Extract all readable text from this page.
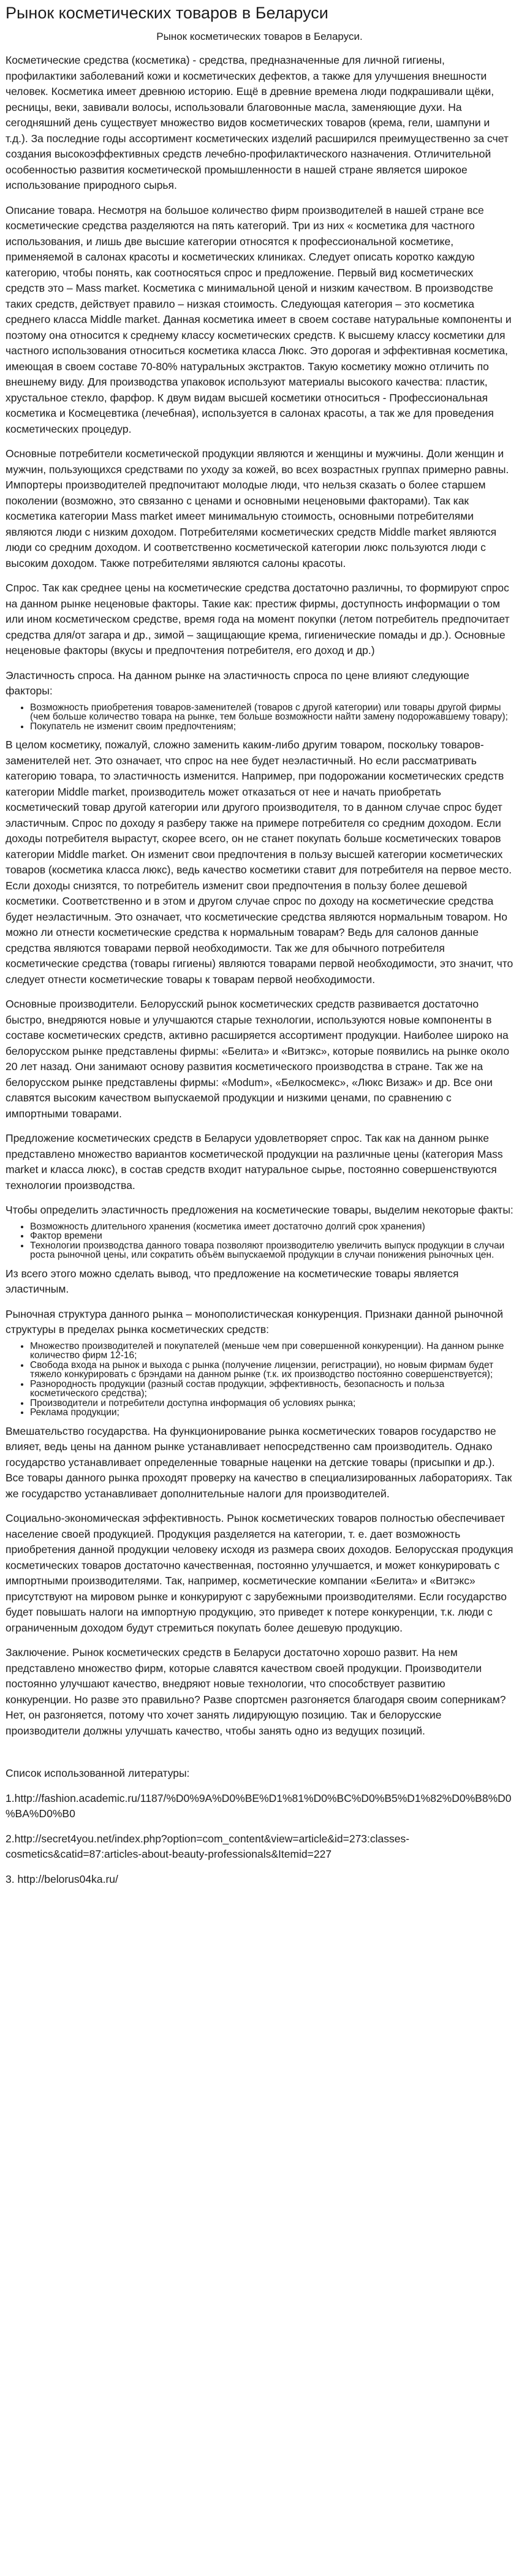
Рынок косметических товаров в Беларуси
Рынок косметических товаров в Беларуси.

Косметические средства (косметика) - средства, предназначенные для личной гигиены, профилактики заболеваний кожи и косметических дефектов, а также для улучшения внешности человек. Косметика имеет древнюю историю. Ещё в древние времена люди подкрашивали щёки, ресницы, веки, завивали волосы, использовали благовонные масла, заменяющие духи. На сегодняшний день существует множество видов косметических товаров (крема, гели, шампуни и т.д.). За последние годы ассортимент косметических изделий расширился преимущественно за счет создания высокоэффективных средств лечебно-профилактического назначения. Отличительной особенностью развития косметической промышленности в нашей стране является широкое использование природного сырья.

Описание товара. Несмотря на большое количество фирм производителей в нашей стране все косметические средства разделяются на пять категорий. Три из них « косметика для частного использования, и лишь две высшие категории относятся к профессиональной косметике, применяемой в салонах красоты и косметических клиниках. Следует описать коротко каждую категорию, чтобы понять, как соотносяться спрос и предложение. Первый вид косметических средств это – Mass market. Косметика с минимальной ценой и низким качеством. В производстве таких средств, действует правило – низкая стоимость. Следующая категория – это косметика среднего класса Middle market. Данная косметика имеет в своем составе натуральные компоненты и поэтому она относится к среднему классу косметических средств. К высшему классу косметики для частного использования относиться косметика класса Люкс. Это дорогая и эффективная косметика, имеющая в своем составе 70-80% натуральных экстрактов. Такую косметику можно отличить по внешнему виду. Для производства упаковок используют материалы высокого качества: пластик, хрустальное стекло, фарфор. К двум видам высшей косметики относиться - Профессиональная косметика и Космецевтика (лечебная), используется в салонах красоты, а так же для проведения косметических процедур.

Основные потребители косметической продукции являются и женщины и мужчины. Доли женщин и мужчин, пользующихся средствами по уходу за кожей, во всех возрастных группах примерно равны. Импортеры производителей предпочитают молодые люди, что нельзя сказать о более старшем поколении (возможно, это связанно с ценами и основными неценовыми факторами). Так как косметика категории Mass market имеет минимальную стоимость, основными потребителями являются люди с низким доходом. Потребителями косметических средств Middle market являются люди со средним доходом. И соответственно косметической категории люкс пользуются люди с высоким доходом. Также потребителями являются салоны красоты.

Спрос. Так как среднее цены на косметические средства достаточно различны, то формируют спрос на данном рынке неценовые факторы. Такие как: престиж фирмы, доступность информации о том или ином косметическом средстве, время года на момент покупки (летом потребитель предпочитает средства для/от загара и др., зимой – защищающие крема, гигиенические помады и др.). Основные неценовые факторы (вкусы и предпочтения потребителя, его доход и др.)

Эластичность спроса. На данном рынке на эластичность спроса по цене влияют следующие факторы:

• Возможность приобретения товаров-заменителей (товаров с другой категории) или товары другой фирмы (чем больше количество товара на рынке, тем больше возможности найти замену подорожавшему товару);
• Покупатель не изменит своим предпочтениям;

В целом косметику, пожалуй, сложно заменить каким-либо другим товаром, поскольку товаров-заменителей нет. Это означает, что спрос на нее будет неэластичный. Но если рассматривать категорию товара, то эластичность изменится. Например, при подорожании косметических средств категории Middle market, производитель может отказаться от нее и начать приобретать косметический товар другой категории или другого производителя, то в данном случае спрос будет эластичным. Спрос по доходу я разберу также на примере потребителя со средним доходом. Если доходы потребителя вырастут, скорее всего, он не станет покупать больше косметических товаров категории Middle market. Он изменит свои предпочтения в пользу высшей категории косметических товаров (косметика класса люкс), ведь качество косметики ставит для потребителя на первое место. Если доходы снизятся, то потребитель изменит свои предпочтения в пользу более дешевой косметики. Соответственно и в этом и другом случае спрос по доходу на косметические средства будет неэластичным. Это означает, что косметические средства являются нормальным товаром. Но можно ли отнести косметические средства к нормальным товарам? Ведь для салонов данные средства являются товарами первой необходимости. Так же для обычного потребителя косметические средства (товары гигиены) являются товарами первой необходимости, это значит, что следует отнести косметические товары к товарам первой необходимости.

Основные производители. Белорусский рынок косметических средств развивается достаточно быстро, внедряются новые и улучшаются старые технологии, используются новые компоненты в составе косметических средств, активно расширяется ассортимент продукции. Наиболее широко на белорусском рынке представлены фирмы: «Белита» и «Витэкс», которые появились на рынке около 20 лет назад. Они занимают основу развития косметического производства в стране. Так же на белорусском рынке представлены фирмы: «Modum», «Белкосмекс», «Люкс Визаж» и др. Все они славятся высоким качеством выпускаемой продукции и низкими ценами, по сравнению с импортными товарами.

Предложение косметических средств в Беларуси удовлетворяет спрос. Так как на данном рынке представлено множество вариантов косметической продукции на различные цены (категория Mass market и класса люкс), в состав средств входит натуральное сырье, постоянно совершенствуются технологии производства.

Чтобы определить эластичность предложения на косметические товары, выделим некоторые факты:

• Возможность длительного хранения (косметика имеет достаточно долгий срок хранения)
• Фактор времени
• Технологии производства данного товара позволяют производителю увеличить выпуск продукции в случаи роста рыночной цены, или сократить объём выпускаемой продукции в случаи понижения рыночных цен.

Из всего этого можно сделать вывод, что предложение на косметические товары является эластичным.

Рыночная структура данного рынка – монополистическая конкуренция. Признаки данной рыночной структуры в пределах рынка косметических средств:

• Множество производителей и покупателей (меньше чем при совершенной конкуренции). На данном рынке количество фирм 12-16;
• Свобода входа на рынок и выхода с рынка (получение лицензии, регистрации), но новым фирмам будет тяжело конкурировать с брэндами на данном рынке (т.к. их производство постоянно совершенствуется);
• Разнородность продукции (разный состав продукции, эффективность, безопасность и польза косметического средства);
• Производители и потребители доступна информация об условиях рынка;
• Реклама продукции;

Вмешательство государства. На функционирование рынка косметических товаров государство не влияет, ведь цены на данном рынке устанавливает непосредственно сам производитель. Однако государство устанавливает определенные товарные наценки на детские товары (присыпки и др.). Все товары данного рынка проходят проверку на качество в специализированных лабораториях. Так же государство устанавливает дополнительные налоги для производителей.

Социально-экономическая эффективность. Рынок косметических товаров полностью обеспечивает население своей продукцией. Продукция разделяется на категории, т. е. дает возможность приобретения данной продукции человеку исходя из размера своих доходов. Белорусская продукция косметических товаров достаточно качественная, постоянно улучшается, и может конкурировать с импортными производителями. Так, например, косметические компании «Белита» и «Витэкс» присутствуют на мировом рынке и конкурируют с зарубежными производителями. Если государство будет повышать налоги на импортную продукцию, это приведет к потере конкуренции, т.к. люди с ограниченным доходом будут стремиться покупать более дешевую продукцию.

Заключение. Рынок косметических средств в Беларуси достаточно хорошо развит. На нем представлено множество фирм, которые славятся качеством своей продукции. Производители постоянно улучшают качество, внедряют новые технологии, что способствует развитию конкуренции. Но разве это правильно? Разве спортсмен разгоняется благодаря своим соперникам? Нет, он разгоняется, потому что хочет занять лидирующую позицию. Так и белорусские производители должны улучшать качество, чтобы занять одно из ведущих позиций.

Список использованной литературы:

1.http://fashion.academic.ru/1187/%D0%9A%D0%BE%D1%81%D0%BC%D0%B5%D1%82%D0%B8%D0%BA%D0%B0

2.http://secret4you.net/index.php?option=com_content&view=article&id=273:classes-cosmetics&catid=87:articles-about-beauty-professionals&Itemid=227

3. http://belorus04ka.ru/
